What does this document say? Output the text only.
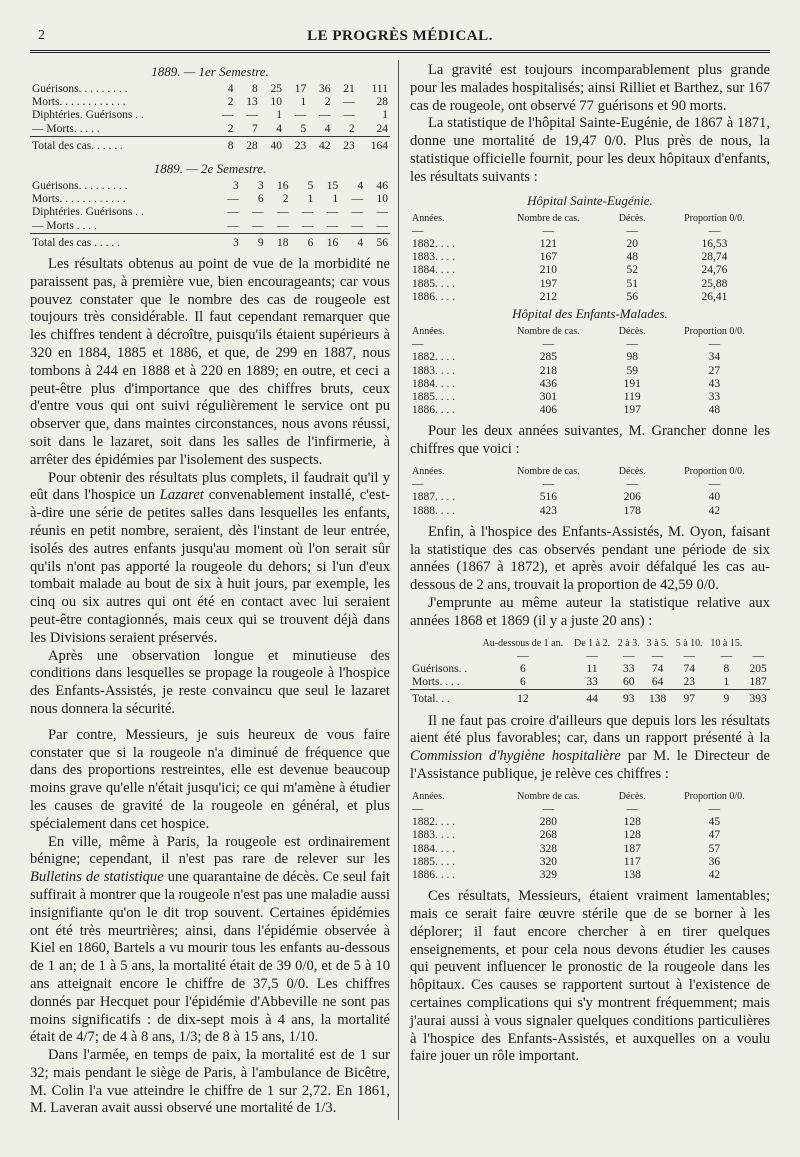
2	LE PROGRÈS MÉDICAL.
1889. — 1er Semestre.
Guérisons. . . . . . . . .	4	8	25	17	36	21	111
Morts. . . . . . . . . . . .	2	13	10	1	2	—	28
Diphtéries. Guérisons . .	—	—	1	—	—	—	1
— Morts. . . . .	2	7	4	5	4	2	24
Total des cas. . . . . .	8	28	40	23	42	23	164
1889. — 2e Semestre.
Guérisons. . . . . . . . .	3	3	16	5	15	4	46
Morts. . . . . . . . . . . .	—	6	2	1	1	—	10
Diphtéries. Guérisons . .	—	—	—	—	—	—	—
— Morts . . . .	—	—	—	—	—	—	—
Total des cas . . . . .	3	9	18	6	16	4	56

Les résultats obtenus au point de vue de la morbidité ne paraissent pas, à première vue, bien encourageants; car vous pouvez constater que le nombre des cas de rougeole est toujours très considérable. Il faut cependant remarquer que les chiffres tendent à décroître, puisqu'ils étaient supérieurs à 320 en 1884, 1885 et 1886, et que, de 299 en 1887, nous tombons à 244 en 1888 et à 220 en 1889; en outre, et ceci a peut-être plus d'importance que des chiffres bruts, ceux d'entre vous qui ont suivi régulièrement le service ont pu observer que, dans maintes circonstances, nous avons réussi, soit dans le lazaret, soit dans les salles de l'infirmerie, à arrêter des épidémies par l'isolement des suspects.

Pour obtenir des résultats plus complets, il faudrait qu'il y eût dans l'hospice un Lazaret convenablement installé, c'est-à-dire une série de petites salles dans lesquelles les enfants, réunis en petit nombre, seraient, dès l'instant de leur entrée, isolés des autres enfants jusqu'au moment où l'on serait sûr qu'ils n'ont pas apporté la rougeole du dehors; si l'un d'eux tombait malade au bout de six à huit jours, par exemple, les cinq ou six autres qui ont été en contact avec lui seraient peut-être contagionnés, mais ceux qui se trouvent déjà dans les Divisions seraient préservés.

Après une observation longue et minutieuse des conditions dans lesquelles se propage la rougeole à l'hospice des Enfants-Assistés, je reste convaincu que seul le lazaret nous donnera la sécurité.

Par contre, Messieurs, je suis heureux de vous faire constater que si la rougeole n'a diminué de fréquence que dans des proportions restreintes, elle est devenue beaucoup moins grave qu'elle n'était jusqu'ici; ce qui m'amène à étudier les causes de gravité de la rougeole en général, et plus spécialement dans cet hospice.

En ville, même à Paris, la rougeole est ordinairement bénigne; cependant, il n'est pas rare de relever sur les Bulletins de statistique une quarantaine de décès. Ce seul fait suffirait à montrer que la rougeole n'est pas une maladie aussi insignifiante qu'on le dit trop souvent. Certaines épidémies ont été très meurtrières; ainsi, dans l'épidémie observée à Kiel en 1860, Bartels a vu mourir tous les enfants au-dessous de 1 an; de 1 à 5 ans, la mortalité était de 39 0/0, et de 5 à 10 ans atteignait encore le chiffre de 37,5 0/0. Les chiffres donnés par Hecquet pour l'épidémie d'Abbeville ne sont pas moins significatifs : de dix-sept mois à 4 ans, la mortalité était de 4/7; de 4 à 8 ans, 1/3; de 8 à 15 ans, 1/10.

Dans l'armée, en temps de paix, la mortalité est de 1 sur 32; mais pendant le siège de Paris, à l'ambulance de Bicêtre, M. Colin l'a vue atteindre le chiffre de 1 sur 2,72. En 1861, M. Laveran avait aussi observé une mortalité de 1/3.

La gravité est toujours incomparablement plus grande pour les malades hospitalisés; ainsi Rilliet et Barthez, sur 167 cas de rougeole, ont observé 77 guérisons et 90 morts.

La statistique de l'hôpital Sainte-Eugénie, de 1867 à 1871, donne une mortalité de 19,47 0/0. Plus près de nous, la statistique officielle fournit, pour les deux hôpitaux d'enfants, les résultats suivants :

Hôpital Sainte-Eugénie.
Années.	Nombre de cas.	Décès.	Proportion 0/0.
—	—	—	—
1882. . . .	121	20	16,53
1883. . . .	167	48	28,74
1884. . . .	210	52	24,76
1885. . . .	197	51	25,88
1886. . . .	212	56	26,41
Hôpital des Enfants-Malades.
Années.	Nombre de cas.	Décès.	Proportion 0/0.
—	—	—	—
1882. . . .	285	98	34
1883. . . .	218	59	27
1884. . . .	436	191	43
1885. . . .	301	119	33
1886. . . .	406	197	48

Pour les deux années suivantes, M. Grancher donne les chiffres que voici :

Années.	Nombre de cas.	Décès.	Proportion 0/0.
—	—	—	—
1887. . . .	516	206	40
1888. . . .	423	178	42

Enfin, à l'hospice des Enfants-Assistés, M. Oyon, faisant la statistique des cas observés pendant une période de six années (1867 à 1872), et après avoir défalqué les cas au-dessous de 2 ans, trouvait la proportion de 42,59 0/0.

J'emprunte au même auteur la statistique relative aux années 1868 et 1869 (il y a juste 20 ans) :

	Au-dessous de 1 an.	De 1 à 2.	2 à 3.	3 à 5.	5 à 10.	10 à 15.	
	—	—	—	—	—	—	—
Guérisons. .	6	11	33	74	74	8	205
Morts. . . .	6	33	60	64	23	1	187
Total. . .	12	44	93	138	97	9	393

Il ne faut pas croire d'ailleurs que depuis lors les résultats aient été plus favorables; car, dans un rapport présenté à la Commission d'hygiène hospitalière par M. le Directeur de l'Assistance publique, je relève ces chiffres :

Années.	Nombre de cas.	Décès.	Proportion 0/0.
—	—	—	—
1882. . . .	280	128	45
1883. . . .	268	128	47
1884. . . .	328	187	57
1885. . . .	320	117	36
1886. . . .	329	138	42

Ces résultats, Messieurs, étaient vraiment lamentables; mais ce serait faire œuvre stérile que de se borner à les déplorer; il faut encore chercher à en tirer quelques enseignements, et pour cela nous devons étudier les causes qui peuvent influencer le pronostic de la rougeole dans les hôpitaux. Ces causes se rapportent surtout à l'existence de certaines complications qui s'y montrent fréquemment; mais j'aurai aussi à vous signaler quelques conditions particulières à l'hospice des Enfants-Assistés, et auxquelles on a voulu faire jouer un rôle important.
